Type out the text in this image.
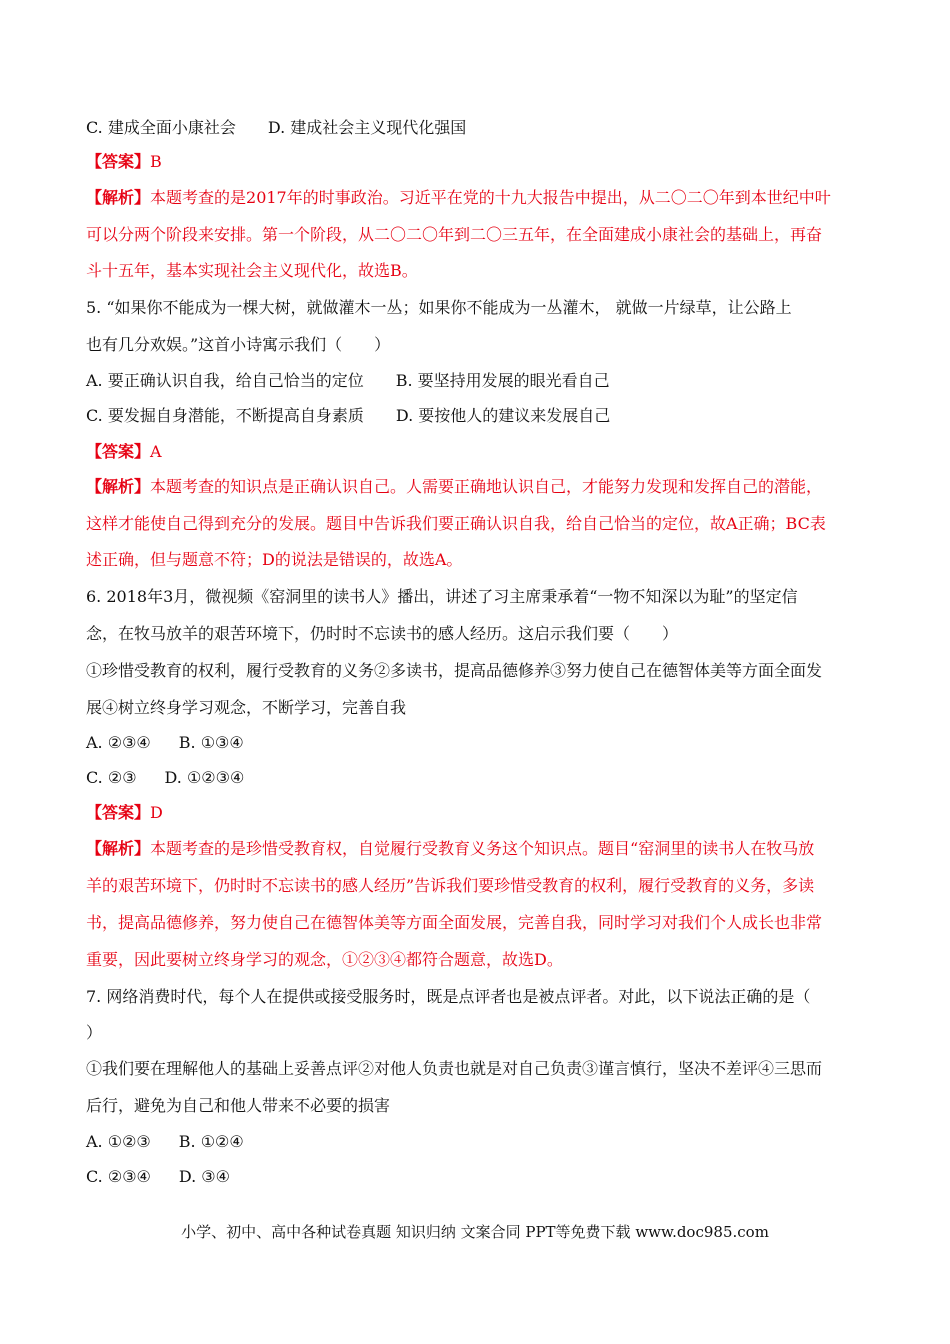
C. 建成全面小康社会 D. 建成社会主义现代化强国
【答案】B
【解析】本题考查的是2017年的时事政治。习近平在党的十九大报告中提出，从二〇二〇年到本世纪中叶
可以分两个阶段来安排。第一个阶段，从二〇二〇年到二〇三五年，在全面建成小康社会的基础上，再奋
斗十五年，基本实现社会主义现代化，故选B。
5. “如果你不能成为一棵大树，就做灌木一丛；如果你不能成为一丛灌木， 就做一片绿草，让公路上
也有几分欢娱。”这首小诗寓示我们（　　）
A. 要正确认识自我，给自己恰当的定位 B. 要坚持用发展的眼光看自己
C. 要发掘自身潜能，不断提高自身素质 D. 要按他人的建议来发展自己
【答案】A
【解析】本题考查的知识点是正确认识自己。人需要正确地认识自己，才能努力发现和发挥自己的潜能，
这样才能使自己得到充分的发展。题目中告诉我们要正确认识自我，给自己恰当的定位，故A正确；BC表
述正确，但与题意不符；D的说法是错误的，故选A。
6. 2018年3月，微视频《窑洞里的读书人》播出，讲述了习主席秉承着“一物不知深以为耻”的坚定信
念，在牧马放羊的艰苦环境下，仍时时不忘读书的感人经历。这启示我们要（　　）
①珍惜受教育的权利，履行受教育的义务②多读书，提高品德修养③努力使自己在德智体美等方面全面发
展④树立终身学习观念，不断学习，完善自我
A. ②③④ B. ①③④
C. ②③ D. ①②③④
【答案】D
【解析】本题考查的是珍惜受教育权，自觉履行受教育义务这个知识点。题目“窑洞里的读书人在牧马放
羊的艰苦环境下，仍时时不忘读书的感人经历”告诉我们要珍惜受教育的权利，履行受教育的义务，多读
书，提高品德修养，努力使自己在德智体美等方面全面发展，完善自我，同时学习对我们个人成长也非常
重要，因此要树立终身学习的观念，①②③④都符合题意，故选D。
7. 网络消费时代，每个人在提供或接受服务时，既是点评者也是被点评者。对此，以下说法正确的是（
）
①我们要在理解他人的基础上妥善点评②对他人负责也就是对自己负责③谨言慎行，坚决不差评④三思而
后行，避免为自己和他人带来不必要的损害
A. ①②③ B. ①②④
C. ②③④ D. ③④
小学、初中、高中各种试卷真题 知识归纳 文案合同 PPT等免费下载 www.doc985.com
